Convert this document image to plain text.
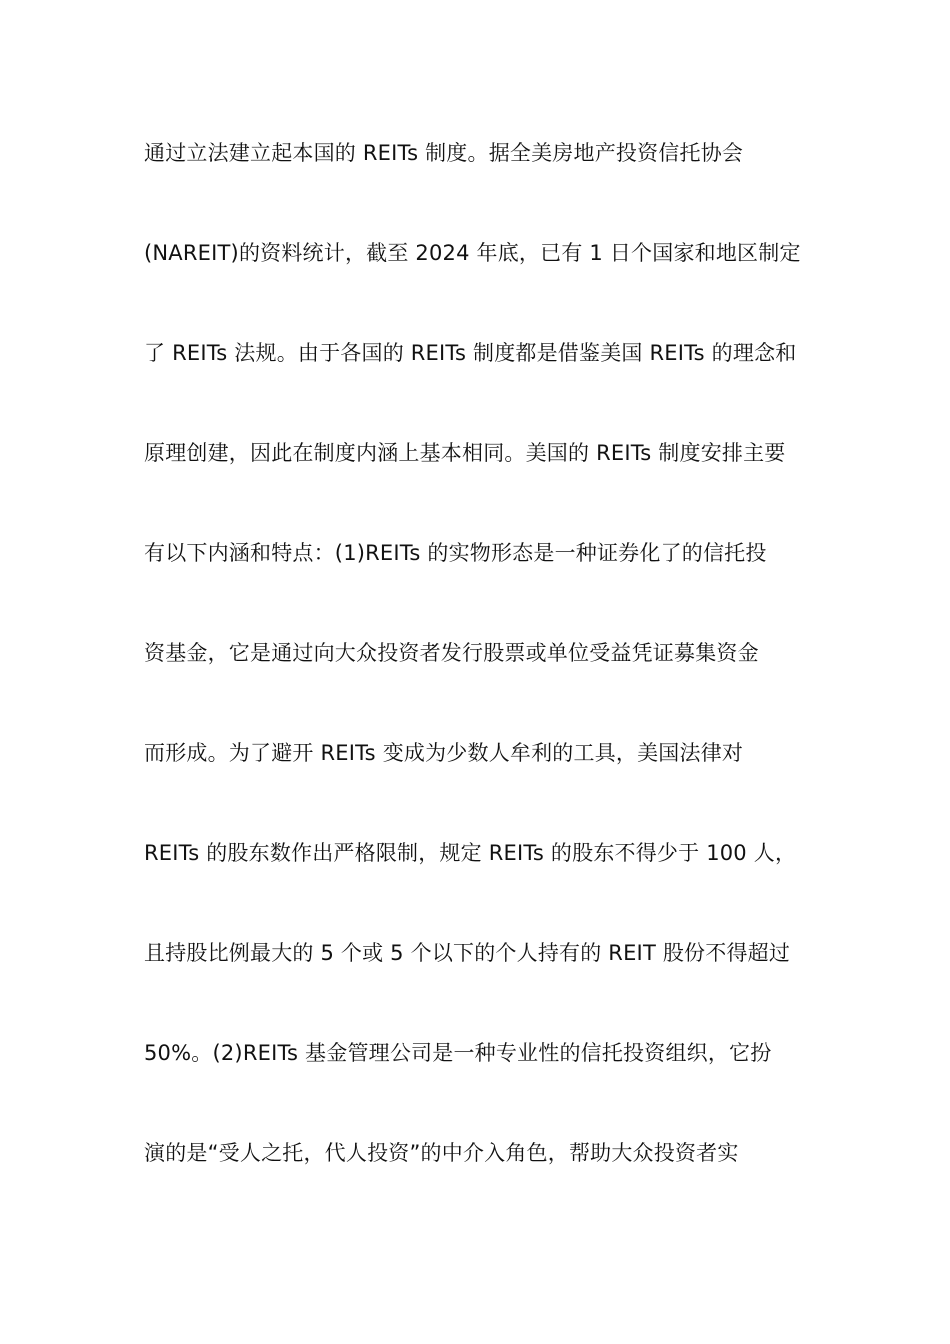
通过立法建立起本国的 REITs 制度。据全美房地产投资信托协会
(NAREIT)的资料统计，截至 2024 年底，已有 1 日个国家和地区制定
了 REITs 法规。由于各国的 REITs 制度都是借鉴美国 REITs 的理念和
原理创建，因此在制度内涵上基本相同。美国的 REITs 制度安排主要
有以下内涵和特点：(1)REITs 的实物形态是一种证券化了的信托投
资基金，它是通过向大众投资者发行股票或单位受益凭证募集资金
而形成。为了避开 REITs 变成为少数人牟利的工具，美国法律对
REITs 的股东数作出严格限制，规定 REITs 的股东不得少于 100 人，
且持股比例最大的 5 个或 5 个以下的个人持有的 REIT 股份不得超过
50%。(2)REITs 基金管理公司是一种专业性的信托投资组织，它扮
演的是“受人之托，代人投资”的中介入角色，帮助大众投资者实
